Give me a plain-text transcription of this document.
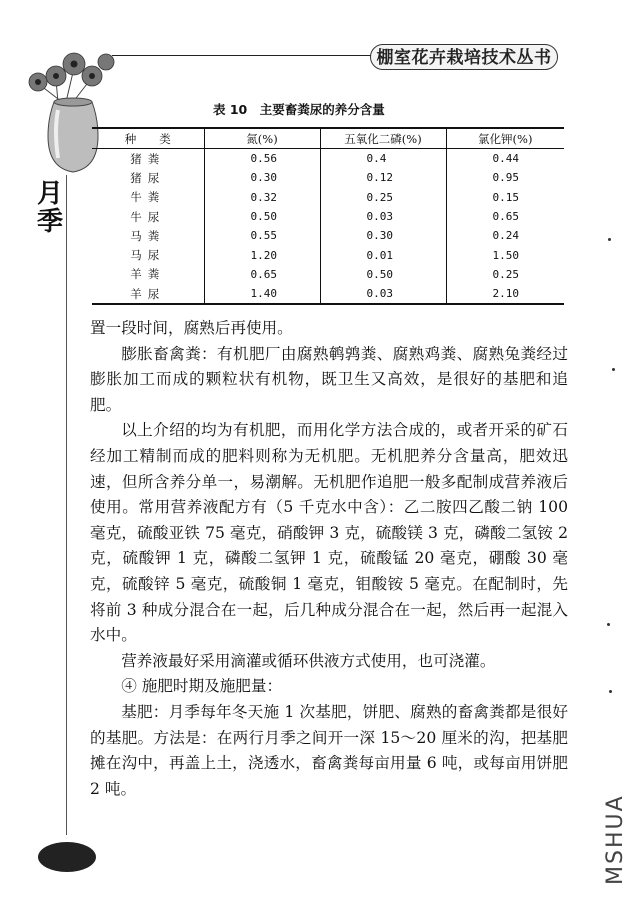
棚室花卉栽培技术丛书
月
季
表 10　主要畜粪尿的养分含量
种　　类	氮(%)	五氧化二磷(%)	氯化钾(%)
猪粪	0.56	0.4	0.44
猪尿	0.30	0.12	0.95
牛粪	0.32	0.25	0.15
牛尿	0.50	0.03	0.65
马粪	0.55	0.30	0.24
马尿	1.20	0.01	1.50
羊粪	0.65	0.50	0.25
羊尿	1.40	0.03	2.10

置一段时间，腐熟后再使用。

膨胀畜禽粪：有机肥厂由腐熟鹌鹑粪、腐熟鸡粪、腐熟兔粪经过膨胀加工而成的颗粒状有机物，既卫生又高效，是很好的基肥和追肥。

以上介绍的均为有机肥，而用化学方法合成的，或者开采的矿石经加工精制而成的肥料则称为无机肥。无机肥养分含量高，肥效迅速，但所含养分单一，易潮解。无机肥作追肥一般多配制成营养液后使用。常用营养液配方有（5 千克水中含）：乙二胺四乙酸二钠 100 毫克，硫酸亚铁 75 毫克，硝酸钾 3 克，硫酸镁 3 克，磷酸二氢铵 2 克，硫酸钾 1 克，磷酸二氢钾 1 克，硫酸锰 20 毫克，硼酸 30 毫克，硫酸锌 5 毫克，硫酸铜 1 毫克，钼酸铵 5 毫克。在配制时，先将前 3 种成分混合在一起，后几种成分混合在一起，然后再一起混入水中。

营养液最好采用滴灌或循环供液方式使用，也可浇灌。

④ 施肥时期及施肥量：

基肥：月季每年冬天施 1 次基肥，饼肥、腐熟的畜禽粪都是很好的基肥。方法是：在两行月季之间开一深 15～20 厘米的沟，把基肥摊在沟中，再盖上土，浇透水，畜禽粪每亩用量 6 吨，或每亩用饼肥 2 吨。

MSHUA
